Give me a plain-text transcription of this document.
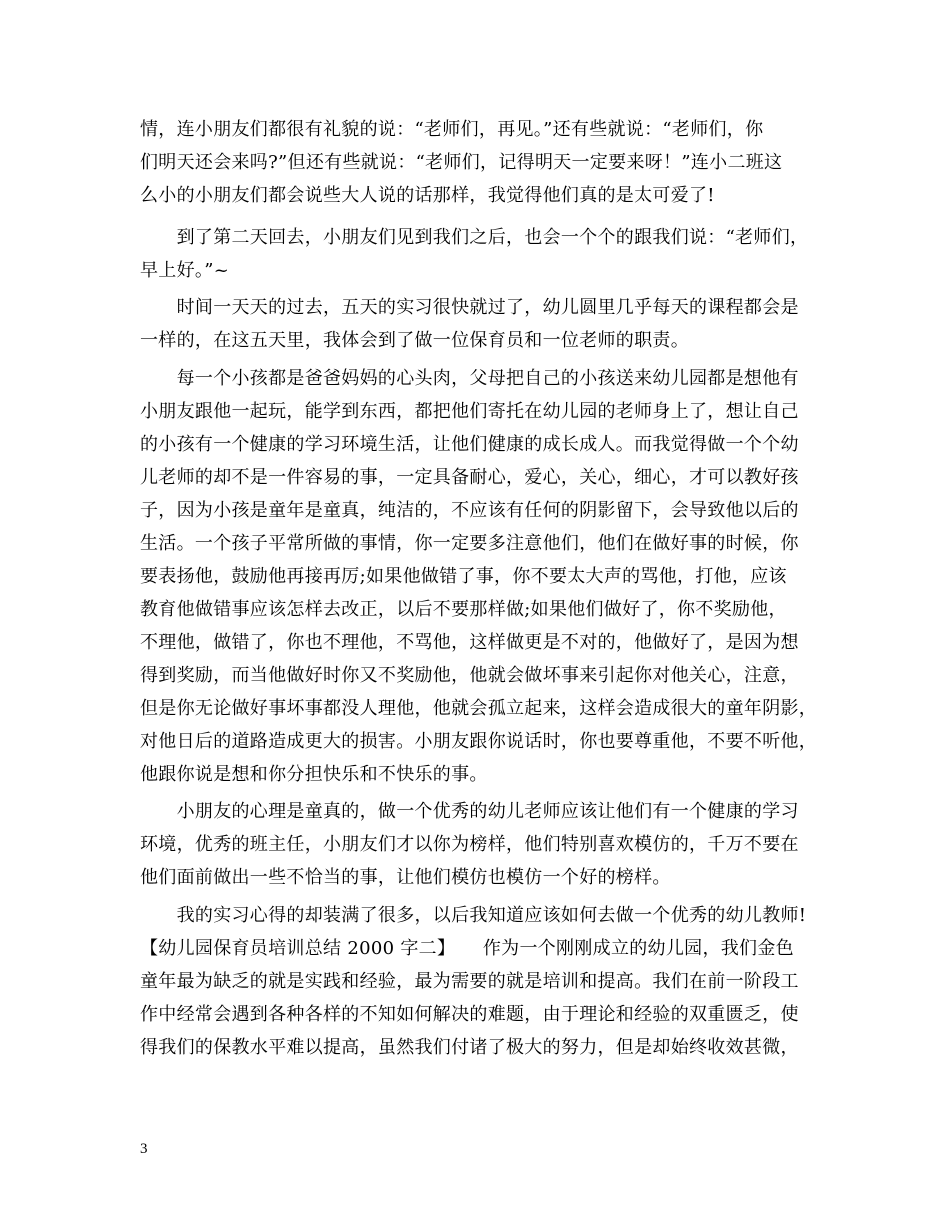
情，连小朋友们都很有礼貌的说：“老师们，再见。”还有些就说：“老师们，你
们明天还会来吗?”但还有些就说：“老师们，记得明天一定要来呀！”连小二班这
么小的小朋友们都会说些大人说的话那样，我觉得他们真的是太可爱了!
　　到了第二天回去，小朋友们见到我们之后，也会一个个的跟我们说：“老师们，
早上好。”~
　　时间一天天的过去，五天的实习很快就过了，幼儿圆里几乎每天的课程都会是
一样的，在这五天里，我体会到了做一位保育员和一位老师的职责。
　　每一个小孩都是爸爸妈妈的心头肉，父母把自己的小孩送来幼儿园都是想他有
小朋友跟他一起玩，能学到东西，都把他们寄托在幼儿园的老师身上了，想让自己
的小孩有一个健康的学习环境生活，让他们健康的成长成人。而我觉得做一个个幼
儿老师的却不是一件容易的事，一定具备耐心，爱心，关心，细心，才可以教好孩
子，因为小孩是童年是童真，纯洁的，不应该有任何的阴影留下，会导致他以后的
生活。一个孩子平常所做的事情，你一定要多注意他们，他们在做好事的时候，你
要表扬他，鼓励他再接再厉;如果他做错了事，你不要太大声的骂他，打他，应该
教育他做错事应该怎样去改正，以后不要那样做;如果他们做好了，你不奖励他，
不理他，做错了，你也不理他，不骂他，这样做更是不对的，他做好了，是因为想
得到奖励，而当他做好时你又不奖励他，他就会做坏事来引起你对他关心，注意，
但是你无论做好事坏事都没人理他，他就会孤立起来，这样会造成很大的童年阴影，
对他日后的道路造成更大的损害。小朋友跟你说话时，你也要尊重他，不要不听他，
他跟你说是想和你分担快乐和不快乐的事。
　　小朋友的心理是童真的，做一个优秀的幼儿老师应该让他们有一个健康的学习
环境，优秀的班主任，小朋友们才以你为榜样，他们特别喜欢模仿的，千万不要在
他们面前做出一些不恰当的事，让他们模仿也模仿一个好的榜样。
　　我的实习心得的却装满了很多，以后我知道应该如何去做一个优秀的幼儿教师!
【幼儿园保育员培训总结 2000 字二】　　作为一个刚刚成立的幼儿园，我们金色
童年最为缺乏的就是实践和经验，最为需要的就是培训和提高。我们在前一阶段工
作中经常会遇到各种各样的不知如何解决的难题，由于理论和经验的双重匮乏，使
得我们的保教水平难以提高，虽然我们付诸了极大的努力，但是却始终收效甚微，
3
